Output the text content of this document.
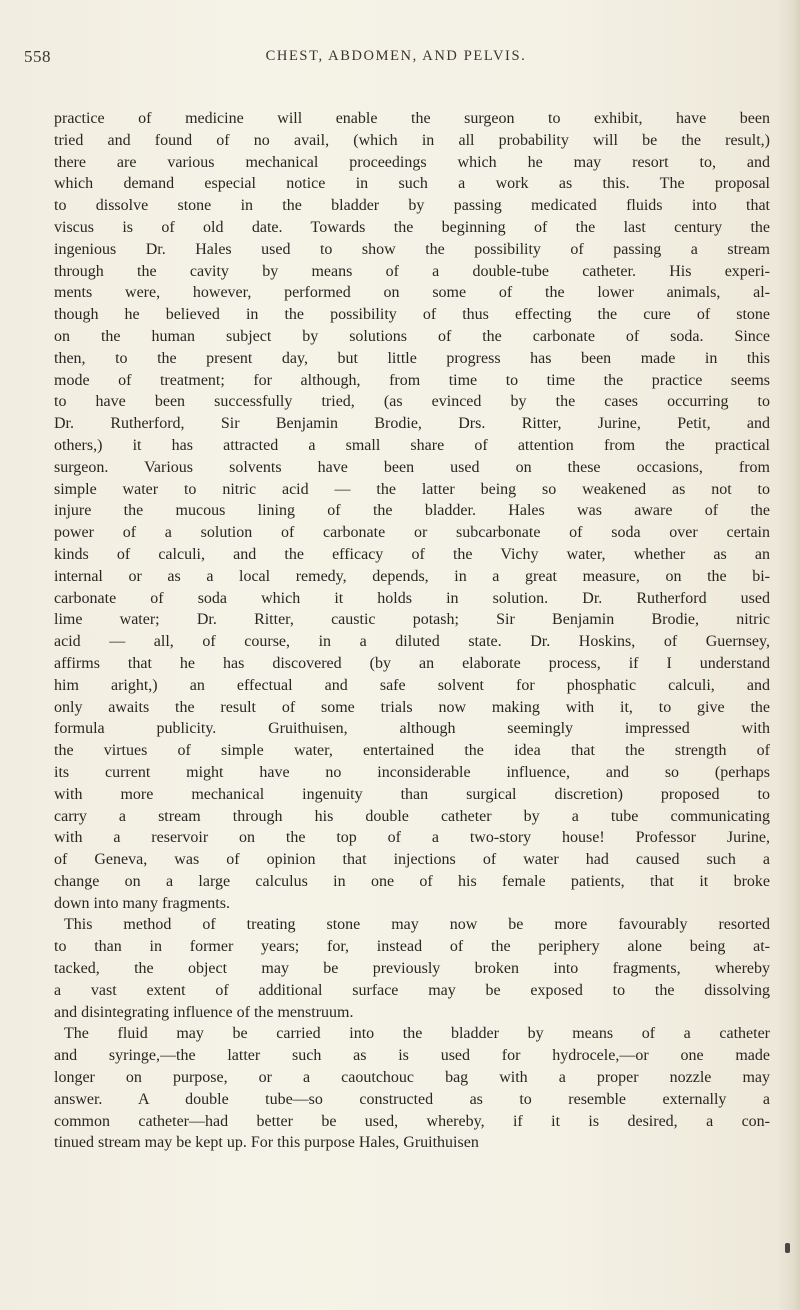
558	CHEST, ABDOMEN, AND PELVIS.
practice of medicine will enable the surgeon to exhibit, have been
tried and found of no avail, (which in all probability will be the result,)
there are various mechanical proceedings which he may resort to, and
which demand especial notice in such a work as this. The proposal
to dissolve stone in the bladder by passing medicated fluids into that
viscus is of old date. Towards the beginning of the last century the
ingenious Dr. Hales used to show the possibility of passing a stream
through the cavity by means of a double-tube catheter. His experi-
ments were, however, performed on some of the lower animals, al-
though he believed in the possibility of thus effecting the cure of stone
on the human subject by solutions of the carbonate of soda. Since
then, to the present day, but little progress has been made in this
mode of treatment; for although, from time to time the practice seems
to have been successfully tried, (as evinced by the cases occurring to
Dr. Rutherford, Sir Benjamin Brodie, Drs. Ritter, Jurine, Petit, and
others,) it has attracted a small share of attention from the practical
surgeon. Various solvents have been used on these occasions, from
simple water to nitric acid — the latter being so weakened as not to
injure the mucous lining of the bladder. Hales was aware of the
power of a solution of carbonate or subcarbonate of soda over certain
kinds of calculi, and the efficacy of the Vichy water, whether as an
internal or as a local remedy, depends, in a great measure, on the bi-
carbonate of soda which it holds in solution. Dr. Rutherford used
lime water; Dr. Ritter, caustic potash; Sir Benjamin Brodie, nitric
acid — all, of course, in a diluted state. Dr. Hoskins, of Guernsey,
affirms that he has discovered (by an elaborate process, if I understand
him aright,) an effectual and safe solvent for phosphatic calculi, and
only awaits the result of some trials now making with it, to give the
formula publicity. Gruithuisen, although seemingly impressed with
the virtues of simple water, entertained the idea that the strength of
its current might have no inconsiderable influence, and so (perhaps
with more mechanical ingenuity than surgical discretion) proposed to
carry a stream through his double catheter by a tube communicating
with a reservoir on the top of a two-story house! Professor Jurine,
of Geneva, was of opinion that injections of water had caused such a
change on a large calculus in one of his female patients, that it broke
down into many fragments.
This method of treating stone may now be more favourably resorted
to than in former years; for, instead of the periphery alone being at-
tacked, the object may be previously broken into fragments, whereby
a vast extent of additional surface may be exposed to the dissolving
and disintegrating influence of the menstruum.
The fluid may be carried into the bladder by means of a catheter
and syringe,—the latter such as is used for hydrocele,—or one made
longer on purpose, or a caoutchouc bag with a proper nozzle may
answer. A double tube—so constructed as to resemble externally a
common catheter—had better be used, whereby, if it is desired, a con-
tinued stream may be kept up. For this purpose Hales, Gruithuisen
